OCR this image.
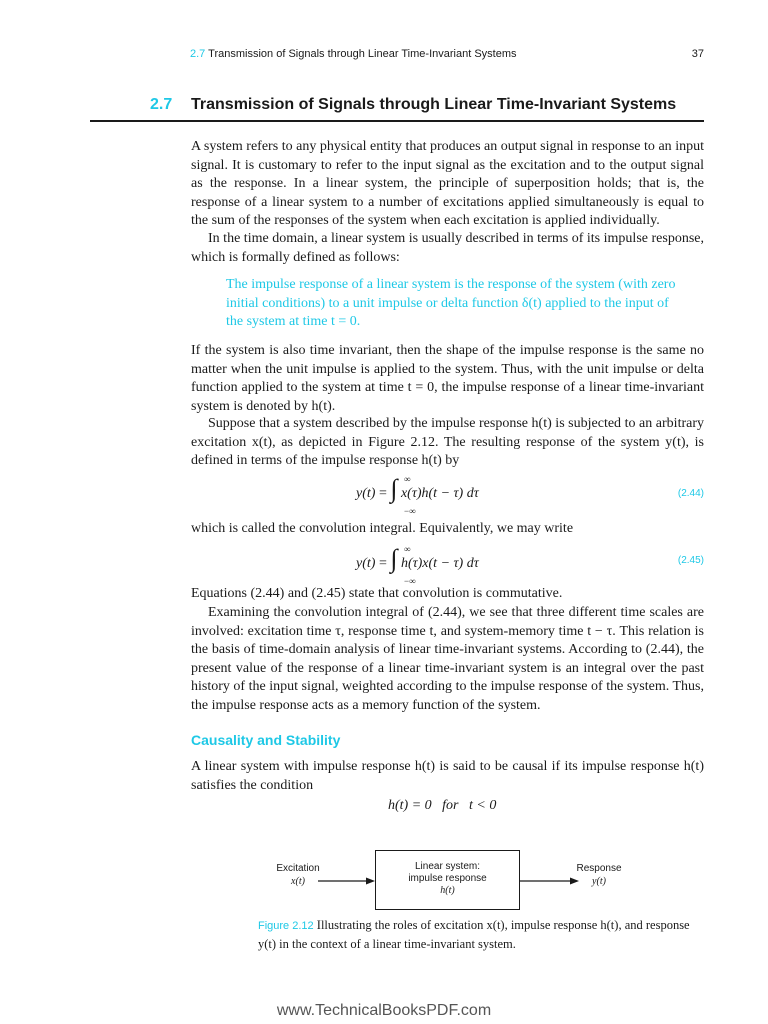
2.7 Transmission of Signals through Linear Time-Invariant Systems	37
2.7 Transmission of Signals through Linear Time-Invariant Systems

A system refers to any physical entity that produces an output signal in response to an input signal. It is customary to refer to the input signal as the excitation and to the output signal as the response. In a linear system, the principle of superposition holds; that is, the response of a linear system to a number of excitations applied simultaneously is equal to the sum of the responses of the system when each excitation is applied individually.

In the time domain, a linear system is usually described in terms of its impulse response, which is formally defined as follows:

The impulse response of a linear system is the response of the system (with zero initial conditions) to a unit impulse or delta function δ(t) applied to the input of the system at time t = 0.

If the system is also time invariant, then the shape of the impulse response is the same no matter when the unit impulse is applied to the system. Thus, with the unit impulse or delta function applied to the system at time t = 0, the impulse response of a linear time-invariant system is denoted by h(t).

Suppose that a system described by the impulse response h(t) is subjected to an arbitrary excitation x(t), as depicted in Figure 2.12. The resulting response of the system y(t), is defined in terms of the impulse response h(t) by

y(t) = ∫ ∞
−∞
x(τ)h(t − τ) dτ	(2.44)

which is called the convolution integral. Equivalently, we may write

y(t) = ∫ ∞
−∞
h(τ)x(t − τ) dτ	(2.45)

Equations (2.44) and (2.45) state that convolution is commutative.

Examining the convolution integral of (2.44), we see that three different time scales are involved: excitation time τ, response time t, and system-memory time t − τ. This relation is the basis of time-domain analysis of linear time-invariant systems. According to (2.44), the present value of the response of a linear time-invariant system is an integral over the past history of the input signal, weighted according to the impulse response of the system. Thus, the impulse response acts as a memory function of the system.

Causality and Stability

A linear system with impulse response h(t) is said to be causal if its impulse response h(t) satisfies the condition

h(t) = 0   for   t < 0
Excitation
x(t)
Linear system:
impulse response
h(t)
Response
y(t)
Figure 2.12 Illustrating the roles of excitation x(t), impulse response h(t), and response y(t) in the context of a linear time-invariant system.
www.TechnicalBooksPDF.com
